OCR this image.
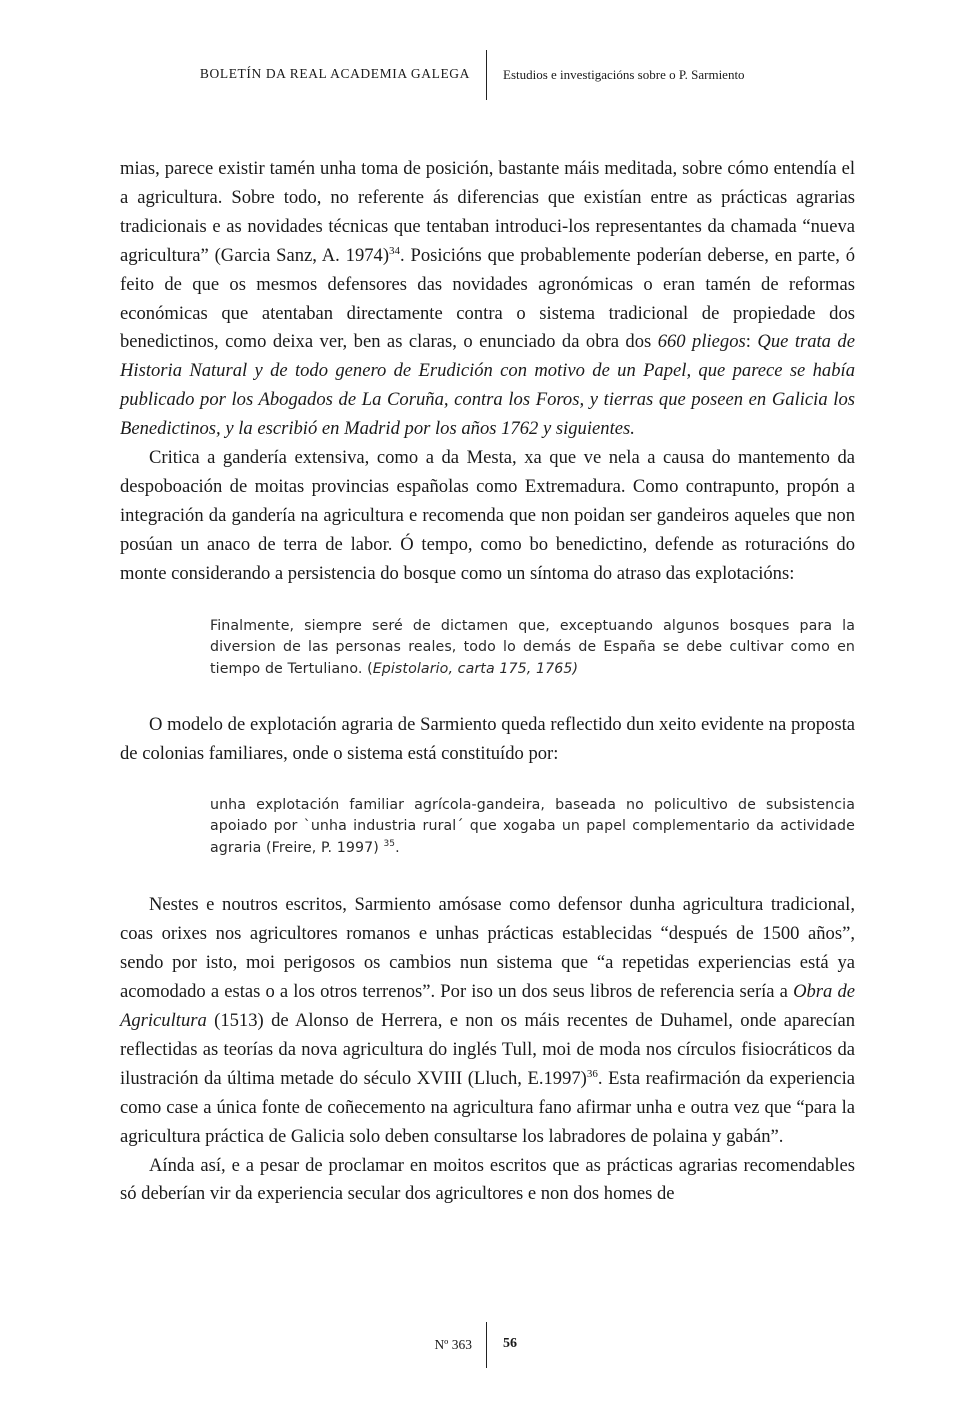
BOLETÍN DA REAL ACADEMIA GALEGA	Estudios e investigacións sobre o P. Sarmiento

mias, parece existir tamén unha toma de posición, bastante máis meditada, sobre cómo entendía el a agricultura. Sobre todo, no referente ás diferencias que existían entre as prácticas agrarias tradicionais e as novidades técnicas que tentaban introduci-los representantes da chamada “nueva agricultura” (Garcia Sanz, A. 1974)$^{34}$. Posicións que probablemente poderían deberse, en parte, ó feito de que os mesmos defensores das novidades agronómicas o eran tamén de reformas económicas que atentaban directamente contra o sistema tradicional de propiedade dos benedictinos, como deixa ver, ben as claras, o enunciado da obra dos 660 pliegos: Que trata de Historia Natural y de todo genero de Erudición con motivo de un Papel, que parece se había publicado por los Abogados de La Coruña, contra los Foros, y tierras que poseen en Galicia los Benedictinos, y la escribió en Madrid por los años 1762 y siguientes.

Critica a gandería extensiva, como a da Mesta, xa que ve nela a causa do mantemento da despoboación de moitas provincias españolas como Extremadura. Como contrapunto, propón a integración da gandería na agricultura e recomenda que non poidan ser gandeiros aqueles que non posúan un anaco de terra de labor. Ó tempo, como bo benedictino, defende as roturacións do monte considerando a persistencia do bosque como un síntoma do atraso das explotacións:

Finalmente, siempre seré de dictamen que, exceptuando algunos bosques para la diversion de las personas reales, todo lo demás de España se debe cultivar como en tiempo de Tertuliano. (Epistolario, carta 175, 1765)

O modelo de explotación agraria de Sarmiento queda reflectido dun xeito evidente na proposta de colonias familiares, onde o sistema está constituído por:

unha explotación familiar agrícola-gandeira, baseada no policultivo de subsistencia apoiado por `unha industria rural´ que xogaba un papel complementario da actividade agraria (Freire, P. 1997) $^{35}$.

Nestes e noutros escritos, Sarmiento amósase como defensor dunha agricultura tradicional, coas orixes nos agricultores romanos e unhas prácticas establecidas “después de 1500 años”, sendo por isto, moi perigosos os cambios nun sistema que “a repetidas experiencias está ya acomodado a estas o a los otros terrenos”. Por iso un dos seus libros de referencia sería a Obra de Agricultura (1513) de Alonso de Herrera, e non os máis recentes de Duhamel, onde aparecían reflectidas as teorías da nova agricultura do inglés Tull, moi de moda nos círculos fisiocráticos da ilustración da última metade do século XVIII (Lluch, E.1997)$^{36}$. Esta reafirmación da experiencia como case a única fonte de coñecemento na agricultura fano afirmar unha e outra vez que “para la agricultura práctica de Galicia solo deben consultarse los labradores de polaina y gabán”.

Aínda así, e a pesar de proclamar en moitos escritos que as prácticas agrarias recomendables só deberían vir da experiencia secular dos agricultores e non dos homes de

Nº 363 56
